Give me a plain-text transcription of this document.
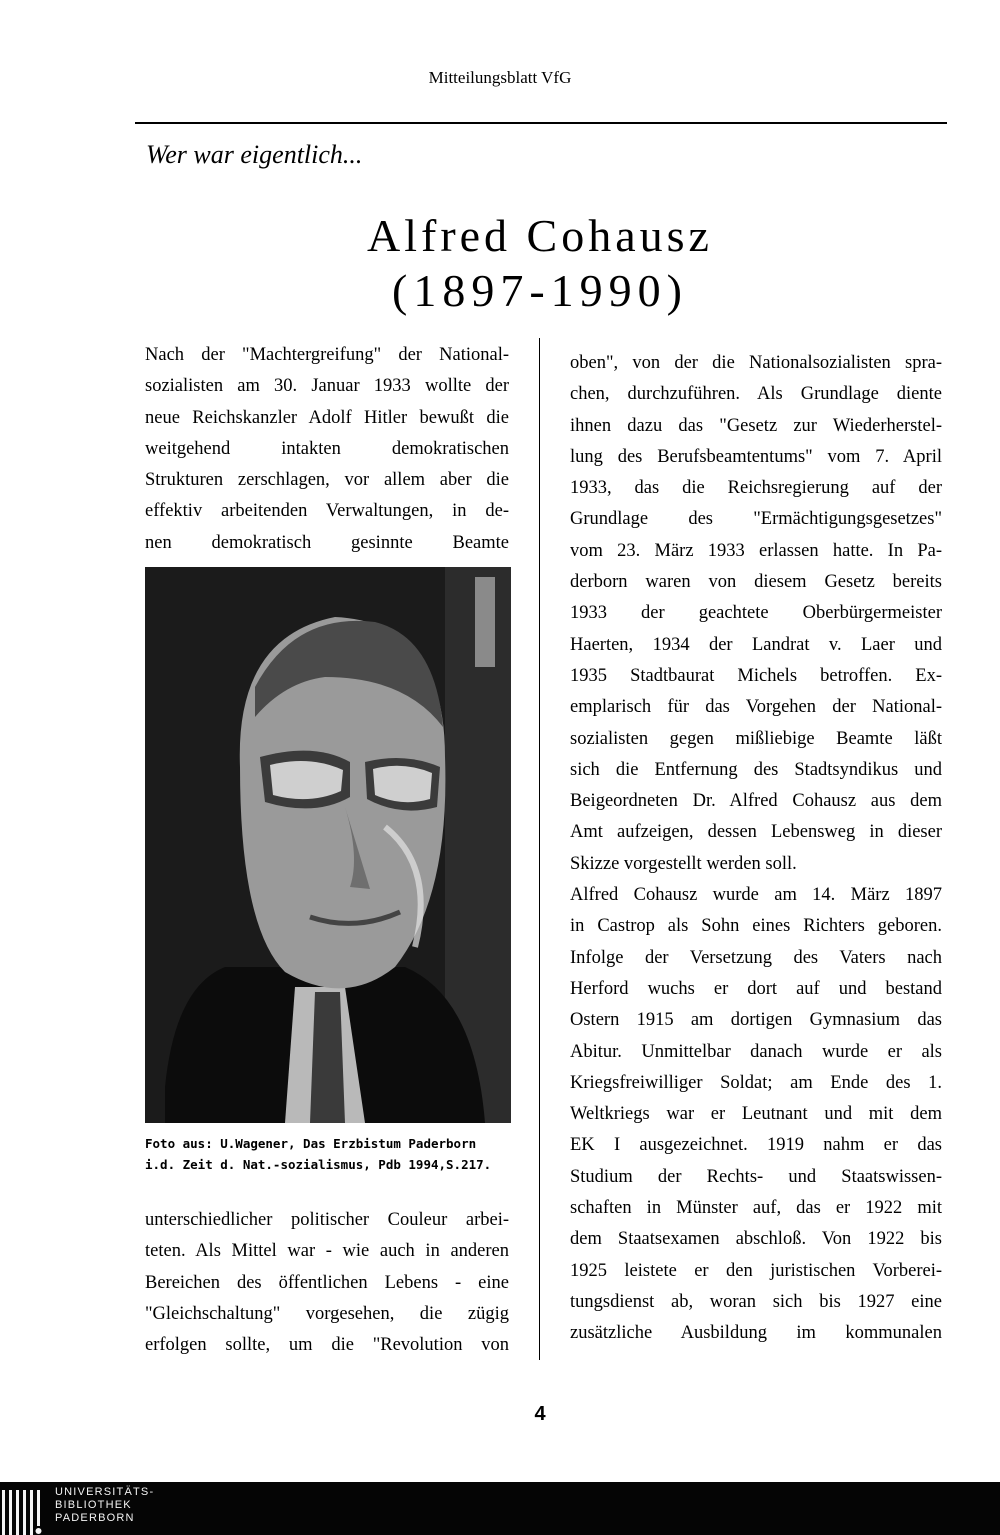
Mitteilungsblatt VfG
Wer war eigentlich...
Alfred Cohausz
(1897-1990)

Nach der "Machtergreifung" der National-

sozialisten am 30. Januar 1933 wollte der

neue Reichskanzler Adolf Hitler bewußt die

weitgehend intakten demokratischen

Strukturen zerschlagen, vor allem aber die

effektiv arbeitenden Verwaltungen, in de-

nen demokratisch gesinnte Beamte

Foto aus: U.Wagener, Das Erzbistum Paderborn
i.d. Zeit d. Nat.-sozialismus, Pdb 1994,S.217.

unterschiedlicher politischer Couleur arbei-

teten. Als Mittel war - wie auch in anderen

Bereichen des öffentlichen Lebens - eine

"Gleichschaltung" vorgesehen, die zügig

erfolgen sollte, um die "Revolution von

oben", von der die Nationalsozialisten spra-

chen, durchzuführen. Als Grundlage diente

ihnen dazu das "Gesetz zur Wiederherstel-

lung des Berufsbeamtentums" vom 7. April

1933, das die Reichsregierung auf der

Grundlage des "Ermächtigungsgesetzes"

vom 23. März 1933 erlassen hatte. In Pa-

derborn waren von diesem Gesetz bereits

1933 der geachtete Oberbürgermeister

Haerten, 1934 der Landrat v. Laer und

1935 Stadtbaurat Michels betroffen. Ex-

emplarisch für das Vorgehen der National-

sozialisten gegen mißliebige Beamte läßt

sich die Entfernung des Stadtsyndikus und

Beigeordneten Dr. Alfred Cohausz aus dem

Amt aufzeigen, dessen Lebensweg in dieser

Skizze vorgestellt werden soll.

Alfred Cohausz wurde am 14. März 1897

in Castrop als Sohn eines Richters geboren.

Infolge der Versetzung des Vaters nach

Herford wuchs er dort auf und bestand

Ostern 1915 am dortigen Gymnasium das

Abitur. Unmittelbar danach wurde er als

Kriegsfreiwilliger Soldat; am Ende des 1.

Weltkriegs war er Leutnant und mit dem

EK I ausgezeichnet. 1919 nahm er das

Studium der Rechts- und Staatswissen-

schaften in Münster auf, das er 1922 mit

dem Staatsexamen abschloß. Von 1922 bis

1925 leistete er den juristischen Vorberei-

tungsdienst ab, woran sich bis 1927 eine

zusätzliche Ausbildung im kommunalen

4
UNIVERSITÄTS-
BIBLIOTHEK
PADERBORN
